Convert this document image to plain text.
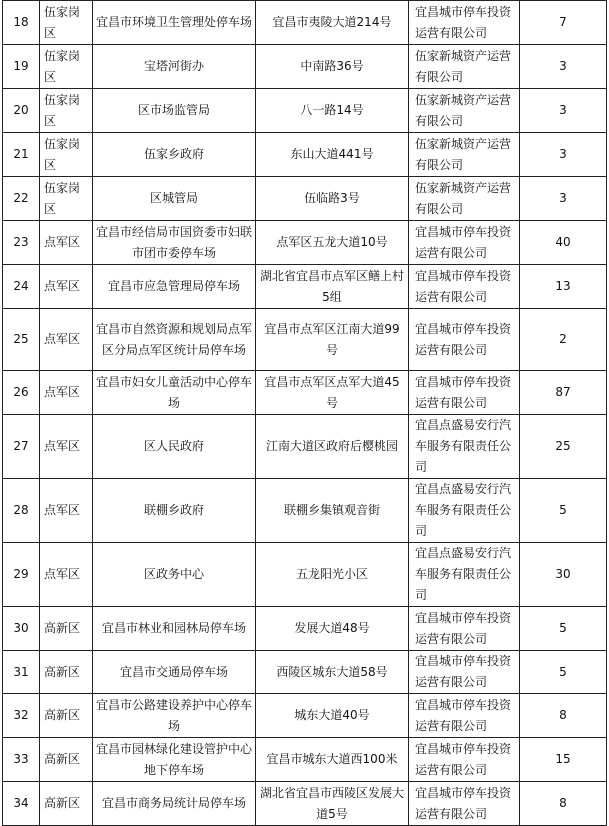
18	伍家岗区	宜昌市环境卫生管理处停车场	宜昌市夷陵大道214号	宜昌城市停车投资运营有限公司	7
19	伍家岗区	宝塔河街办	中南路36号	伍家新城资产运营有限公司	3
20	伍家岗区	区市场监管局	八一路14号	伍家新城资产运营有限公司	3
21	伍家岗区	伍家乡政府	东山大道441号	伍家新城资产运营有限公司	3
22	伍家岗区	区城管局	伍临路3号	伍家新城资产运营有限公司	3
23	点军区	宜昌市经信局市国资委市妇联市团市委停车场	点军区五龙大道10号	宜昌城市停车投资运营有限公司	40
24	点军区	宜昌市应急管理局停车场	湖北省宜昌市点军区鳝上村5组	宜昌城市停车投资运营有限公司	13
25	点军区	宜昌市自然资源和规划局点军区分局点军区统计局停车场	宜昌市点军区江南大道99号	宜昌城市停车投资运营有限公司	2
26	点军区	宜昌市妇女儿童活动中心停车场	宜昌市点军区点军大道45号	宜昌城市停车投资运营有限公司	87
27	点军区	区人民政府	江南大道区政府后樱桃园	宜昌点盛易安行汽车服务有限责任公司	25
28	点军区	联棚乡政府	联棚乡集镇观音街	宜昌点盛易安行汽车服务有限责任公司	5
29	点军区	区政务中心	五龙阳光小区	宜昌点盛易安行汽车服务有限责任公司	30
30	高新区	宜昌市林业和园林局停车场	发展大道48号	宜昌城市停车投资运营有限公司	5
31	高新区	宜昌市交通局停车场	西陵区城东大道58号	宜昌城市停车投资运营有限公司	5
32	高新区	宜昌市公路建设养护中心停车场	城东大道40号	宜昌城市停车投资运营有限公司	8
33	高新区	宜昌市园林绿化建设管护中心地下停车场	宜昌市城东大道西100米	宜昌城市停车投资运营有限公司	15
34	高新区	宜昌市商务局统计局停车场	湖北省宜昌市西陵区发展大道5号	宜昌城市停车投资运营有限公司	8
